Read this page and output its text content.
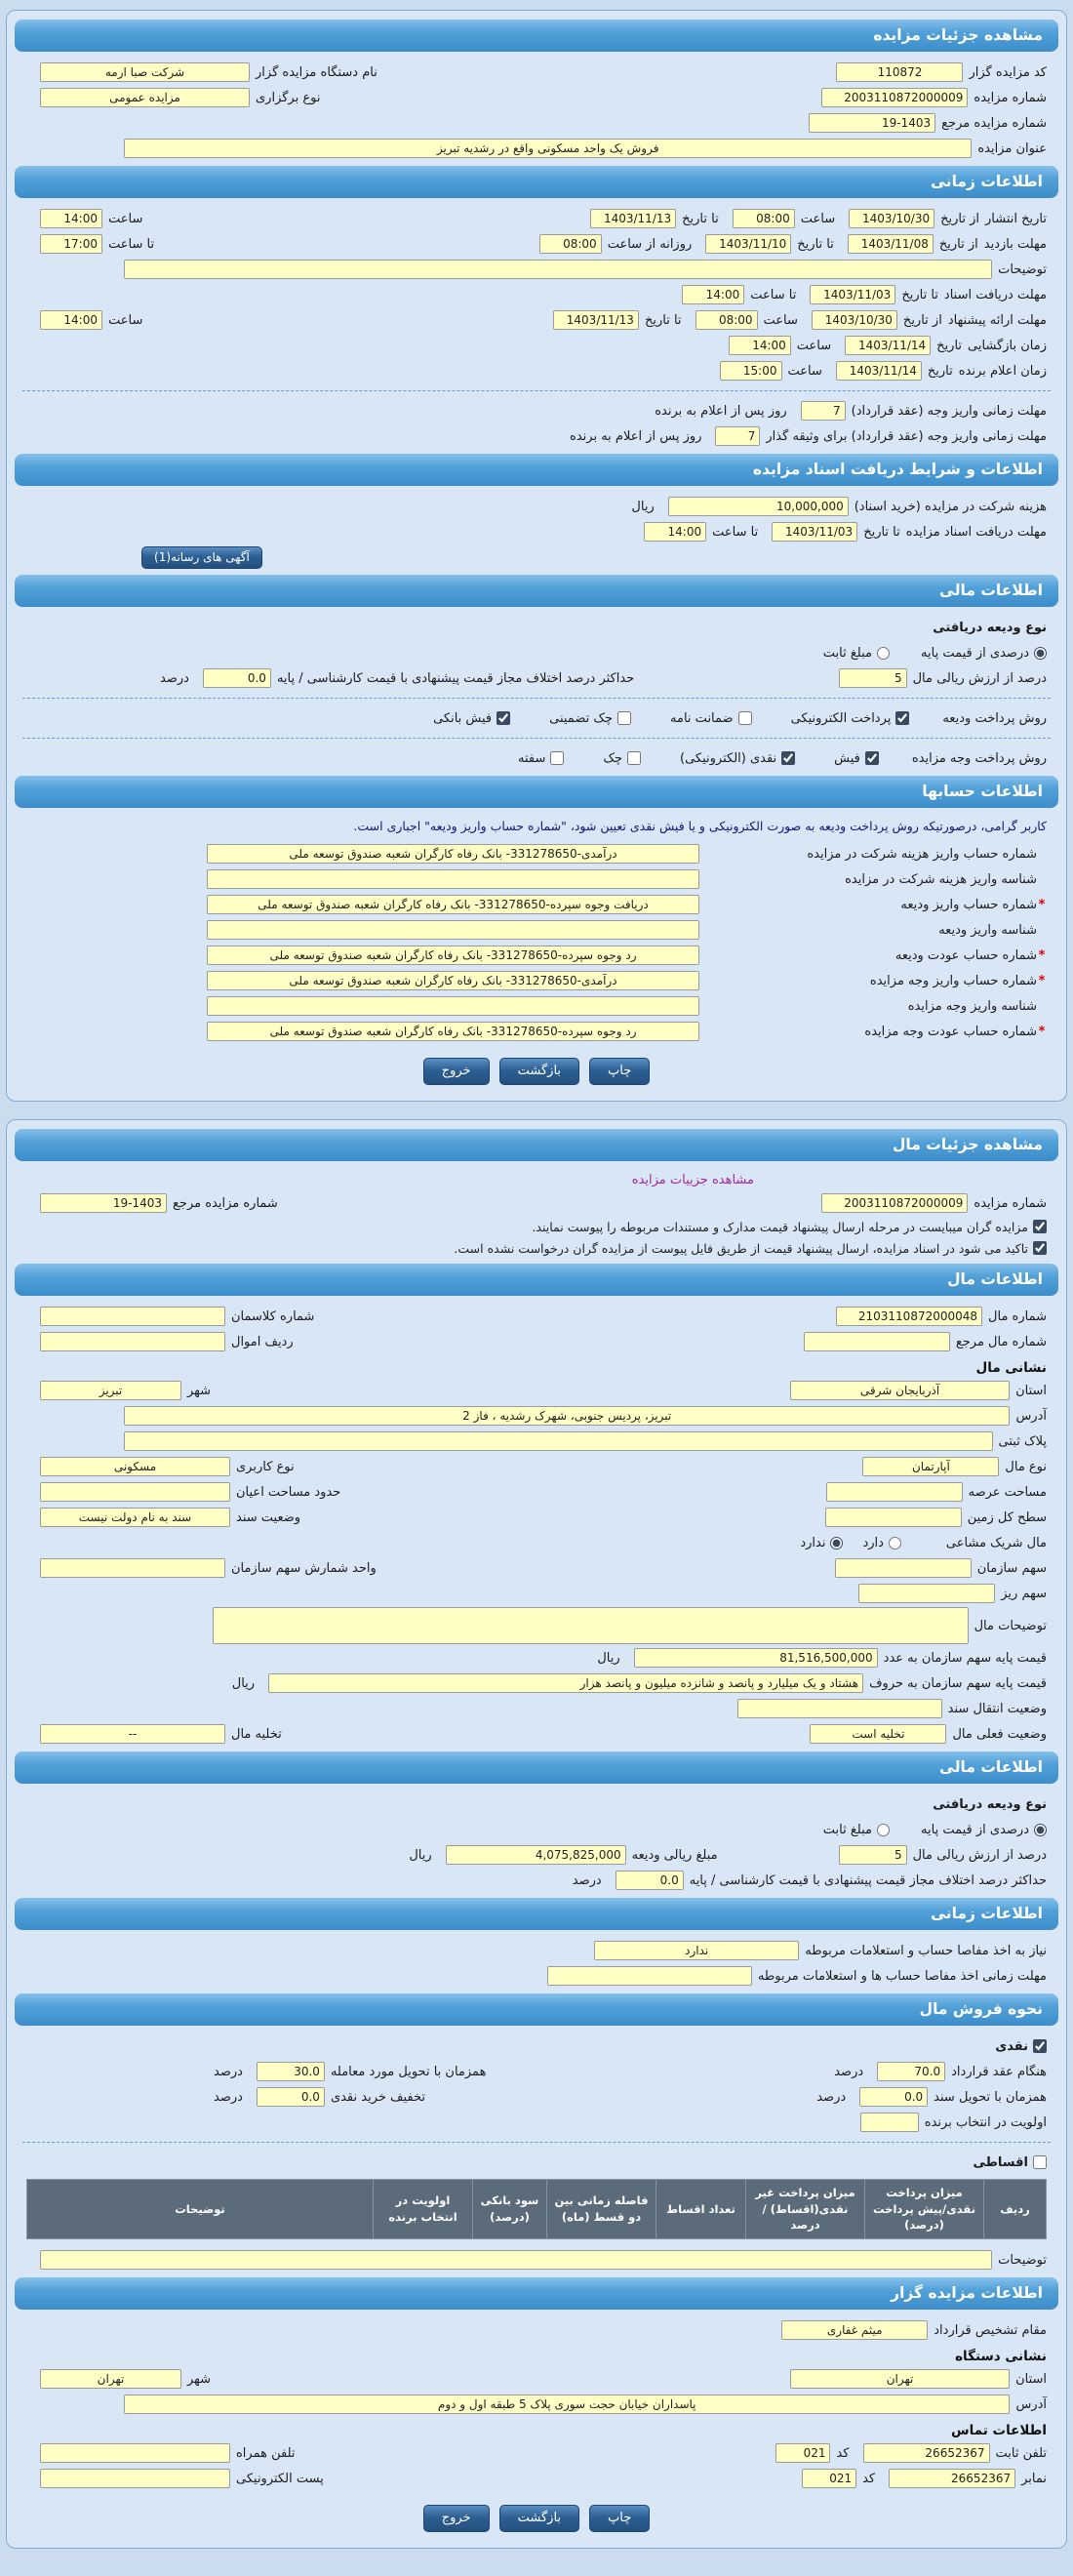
مشاهده جزئیات مزایده
کد مزایده گزار
110872
نام دستگاه مزایده گزار
شرکت صبا ارمه
شماره مزایده
2003110872000009
نوع برگزاری
مزایده عمومی
شماره مزایده مرجع
19-1403
عنوان مزایده
فروش یک واحد مسکونی واقع در رشدیه تبریز
اطلاعات زمانی
تاریخ انتشار
از تاریخ
1403/10/30
ساعت
08:00
تا تاریخ
1403/11/13
ساعت
14:00
مهلت بازدید
از تاریخ
1403/11/08
تا تاریخ
1403/11/10
روزانه از ساعت
08:00
تا ساعت
17:00
توضیحات
مهلت دریافت اسناد
تا تاریخ
1403/11/03
تا ساعت
14:00
مهلت ارائه پیشنهاد
از تاریخ
1403/10/30
ساعت
08:00
تا تاریخ
1403/11/13
ساعت
14:00
زمان بازگشایی
تاریخ
1403/11/14
ساعت
14:00
زمان اعلام برنده
تاریخ
1403/11/14
ساعت
15:00
مهلت زمانی واریز وجه (عقد قرارداد)
7
روز پس از اعلام به برنده
مهلت زمانی واریز وجه (عقد قرارداد) برای وثیقه گذار
7
روز پس از اعلام به برنده
اطلاعات و شرایط دریافت اسناد مزایده
هزینه شرکت در مزایده (خرید اسناد)
10,000,000
ریال
مهلت دریافت اسناد مزایده
تا تاریخ
1403/11/03
تا ساعت
14:00
آگهی های رسانه(1)
اطلاعات مالی
نوع ودیعه دریافتی
درصدی از قیمت پایه
مبلغ ثابت
درصد از ارزش ریالی مال
5
حداکثر درصد اختلاف مجاز قیمت پیشنهادی با قیمت کارشناسی / پایه
0.0
درصد
روش پرداخت ودیعه
پرداخت الکترونیکی
ضمانت نامه
چک تضمینی
فیش بانکی
روش پرداخت وجه مزایده
فیش
نقدی (الکترونیکی)
چک
سفته
اطلاعات حسابها
کاربر گرامی، درصورتیکه روش پرداخت ودیعه به صورت الکترونیکی و یا فیش نقدی تعیین شود، "شماره حساب واریز ودیعه" اجباری است.
شماره حساب واریز هزینه شرکت در مزایده
درآمدی-331278650- بانک رفاه کارگران شعبه صندوق توسعه ملی
شناسه واریز هزینه شرکت در مزایده
*
شماره حساب واریز ودیعه
دریافت وجوه سپرده-331278650- بانک رفاه کارگران شعبه صندوق توسعه ملی
شناسه واریز ودیعه
*
شماره حساب عودت ودیعه
رد وجوه سپرده-331278650- بانک رفاه کارگران شعبه صندوق توسعه ملی
*
شماره حساب واریز وجه مزایده
درآمدی-331278650- بانک رفاه کارگران شعبه صندوق توسعه ملی
شناسه واریز وجه مزایده
*
شماره حساب عودت وجه مزایده
رد وجوه سپرده-331278650- بانک رفاه کارگران شعبه صندوق توسعه ملی
چاپ
بازگشت
خروج
مشاهده جزئیات مال
مشاهده جزییات مزایده
شماره مزایده
2003110872000009
شماره مزایده مرجع
19-1403
مزایده گران میبایست در مرحله ارسال پیشنهاد قیمت مدارک و مستندات مربوطه را پیوست نمایند.
تاکید می شود در اسناد مزایده، ارسال پیشنهاد قیمت از طریق فایل پیوست از مزایده گران درخواست نشده است.
اطلاعات مال
شماره مال
2103110872000048
شماره کلاسمان
شماره مال مرجع
ردیف اموال
نشانی مال
استان
آذربایجان شرقی
شهر
تبریز
آدرس
تبریز، پردیس جنوبی، شهرک رشدیه ، فاز 2
پلاک ثبتی
نوع مال
آپارتمان
نوع کاربری
مسکونی
مساحت عرصه
حدود مساحت اعیان
سطح کل زمین
وضعیت سند
سند به نام دولت نیست
مال شریک مشاعی
دارد
ندارد
سهم سازمان
واحد شمارش سهم سازمان
سهم ریز
توضیحات مال
قیمت پایه سهم سازمان به عدد
81,516,500,000
ریال
قیمت پایه سهم سازمان به حروف
هشتاد و یک میلیارد و پانصد و شانزده میلیون و پانصد هزار
ریال
وضعیت انتقال سند
وضعیت فعلی مال
تخلیه است
تخلیه مال
--
اطلاعات مالی
نوع ودیعه دریافتی
درصدی از قیمت پایه
مبلغ ثابت
درصد از ارزش ریالی مال
5
مبلغ ریالی ودیعه
4,075,825,000
ریال
حداکثر درصد اختلاف مجاز قیمت پیشنهادی با قیمت کارشناسی / پایه
0.0
درصد
اطلاعات زمانی
نیاز به اخذ مفاصا حساب و استعلامات مربوطه
ندارد
مهلت زمانی اخذ مفاصا حساب ها و استعلامات مربوطه
نحوه فروش مال
نقدی
هنگام عقد قرارداد
70.0
درصد
همزمان با تحویل مورد معامله
30.0
درصد
همزمان با تحویل سند
0.0
درصد
تخفیف خرید نقدی
0.0
درصد
اولویت در انتخاب برنده
اقساطی
ردیف	میزان پرداخت نقدی/پیش پرداخت (درصد)	میزان پرداخت غیر نقدی(اقساط) /درصد	تعداد اقساط	فاصله زمانی بین دو قسط (ماه)	سود بانکی (درصد)	اولویت در انتخاب برنده	توضیحات
توضیحات
اطلاعات مزایده گزار
مقام تشخیص قرارداد
میثم غفاری
نشانی دستگاه
استان
تهران
شهر
تهران
آدرس
پاسداران خیابان حجت سوری پلاک 5 طبقه اول و دوم
اطلاعات تماس
تلفن ثابت
26652367
کد
021
تلفن همراه
نمابر
26652367
کد
021
پست الکترونیکی
چاپ
بازگشت
خروج
